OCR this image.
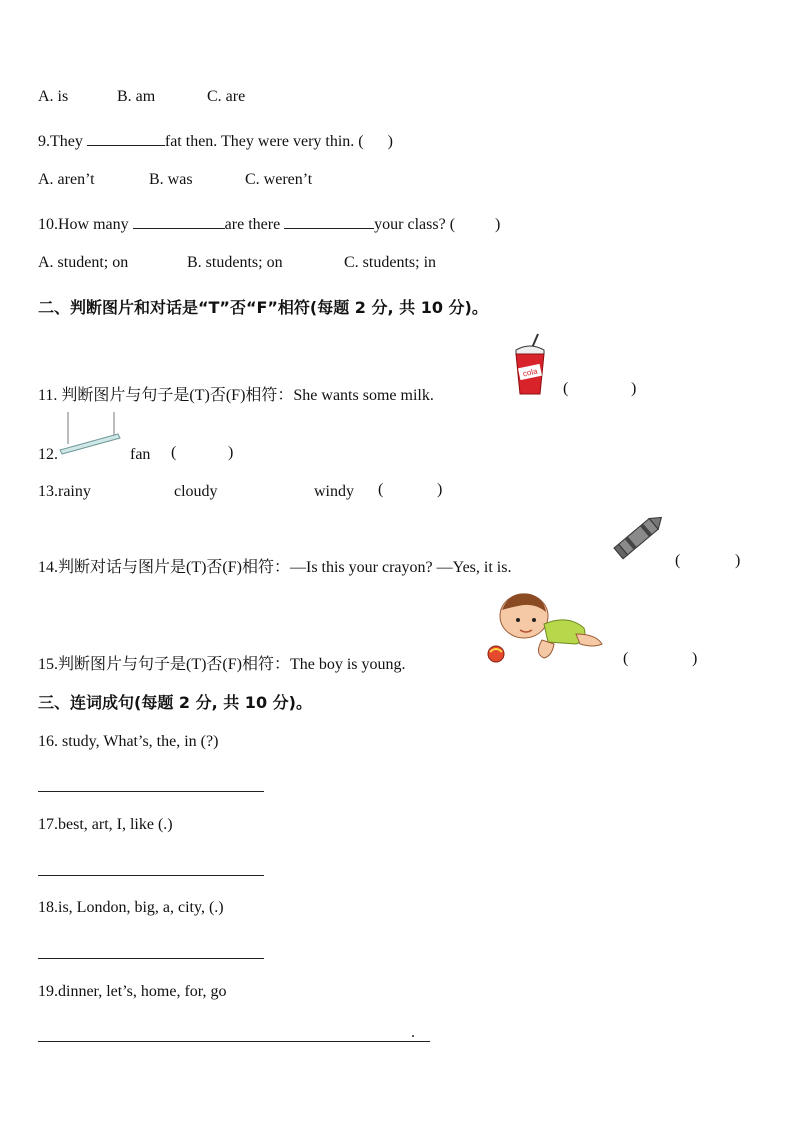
A. is	B. am	C. are
9.They	fat then. They were very thin. ( )
A. aren’t	B. was	C. weren’t
10.How many	are there	your class? (	)
A. student; on	B. students; on	C. students; in
二、判断图片和对话是“T”否“F”相符(每题 2 分, 共 10 分)。
11. 判断图片与句子是(T)否(F)相符：She wants some milk.
cola
(	)
12.	fan (	)
13.rainy	cloudy	windy (	)
14.判断对话与图片是(T)否(F)相符：—Is this your crayon? —Yes, it is.	(	)
15.判断图片与句子是(T)否(F)相符：The boy is young.	(	)
三、连词成句(每题 2 分, 共 10 分)。
16. study, What’s, the, in (?)
17.best, art, I, like (.)
18.is, London, big, a, city, (.)
19.dinner, let’s, home, for, go
.
